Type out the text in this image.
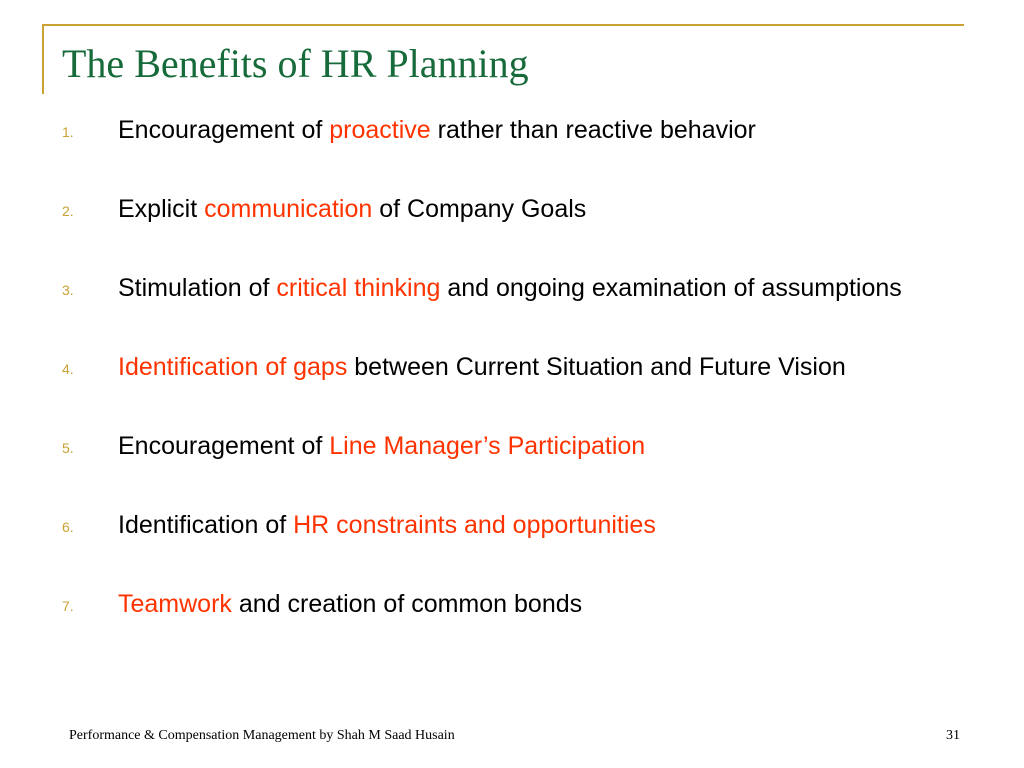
The Benefits of HR Planning
1. Encouragement of proactive rather than reactive behavior
2. Explicit communication of Company Goals
3. Stimulation of critical thinking and ongoing examination of assumptions
4. Identification of gaps between Current Situation and Future Vision
5. Encouragement of Line Manager’s Participation
6. Identification of HR constraints and opportunities
7. Teamwork and creation of common bonds
Performance & Compensation Management by Shah M Saad Husain	31
